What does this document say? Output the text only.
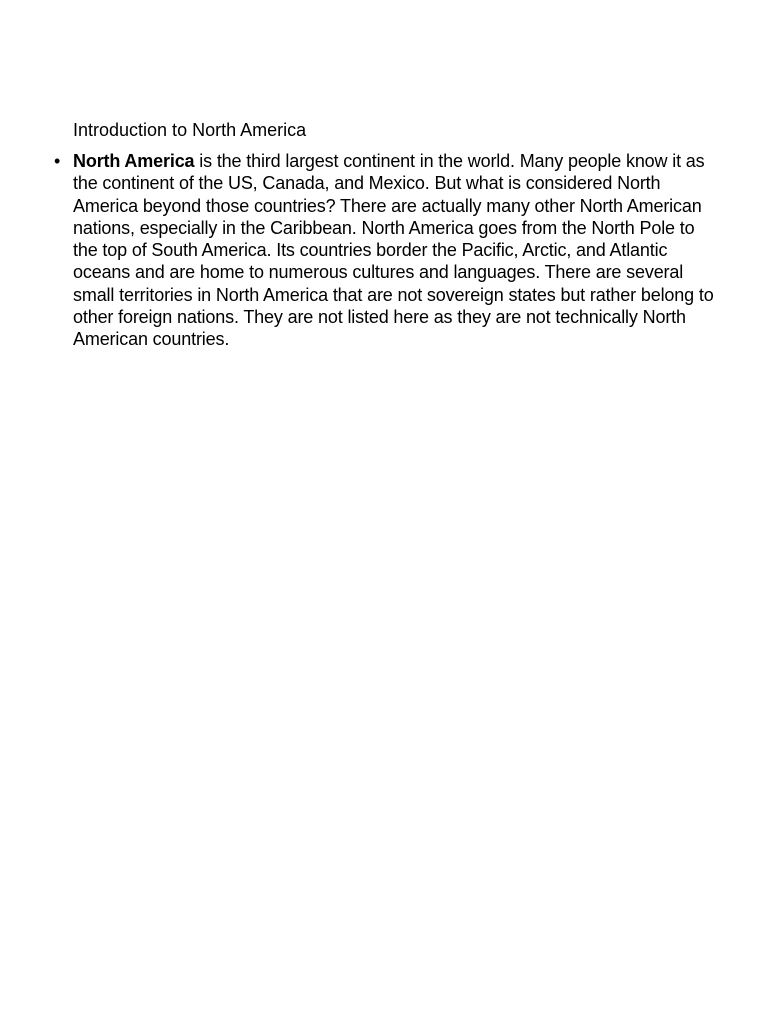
Introduction to North America
• North America is the third largest continent in the world. Many people know it as the continent of the US, Canada, and Mexico. But what is considered North America beyond those countries? There are actually many other North American nations, especially in the Caribbean. North America goes from the North Pole to the top of South America. Its countries border the Pacific, Arctic, and Atlantic oceans and are home to numerous cultures and languages. There are several small territories in North America that are not sovereign states but rather belong to other foreign nations. They are not listed here as they are not technically North American countries.
